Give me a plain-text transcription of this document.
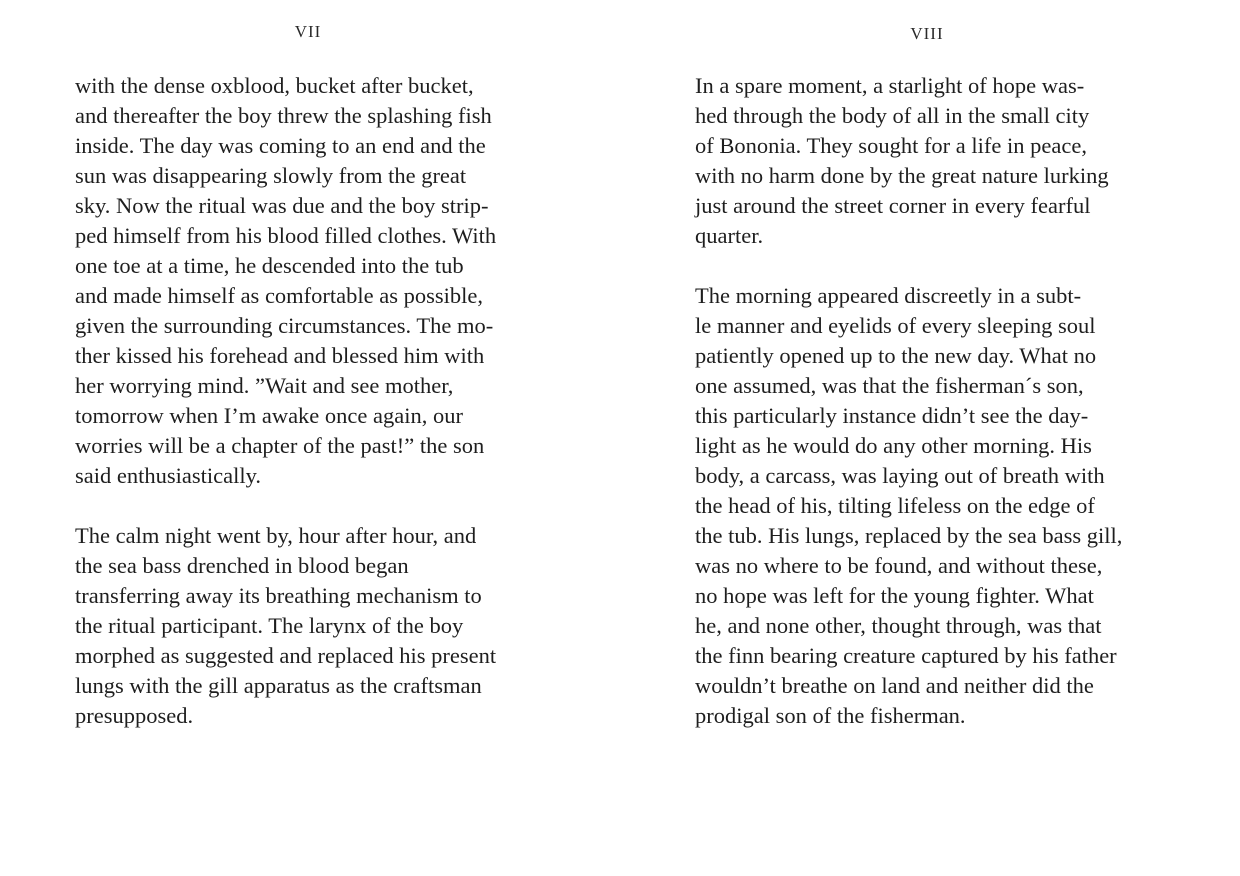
VII
with the dense oxblood, bucket after bucket,
and thereafter the boy threw the splashing fish
inside. The day was coming to an end and the
sun was disappearing slowly from the great
sky. Now the ritual was due and the boy strip-
ped himself from his blood filled clothes. With
one toe at a time, he descended into the tub
and made himself as comfortable as possible,
given the surrounding circumstances. The mo-
ther kissed his forehead and blessed him with
her worrying mind. ”Wait and see mother,
tomorrow when I’m awake once again, our
worries will be a chapter of the past!” the son
said enthusiastically.
The calm night went by, hour after hour, and
the sea bass drenched in blood began
transferring away its breathing mechanism to
the ritual participant. The larynx of the boy
morphed as suggested and replaced his present
lungs with the gill apparatus as the craftsman
presupposed.
VIII
In a spare moment, a starlight of hope was-
hed through the body of all in the small city
of Bononia. They sought for a life in peace,
with no harm done by the great nature lurking
just around the street corner in every fearful
quarter.
The morning appeared discreetly in a subt-
le manner and eyelids of every sleeping soul
patiently opened up to the new day. What no
one assumed, was that the fisherman´s son,
this particularly instance didn’t see the day-
light as he would do any other morning. His
body, a carcass, was laying out of breath with
the head of his, tilting lifeless on the edge of
the tub. His lungs, replaced by the sea bass gill,
was no where to be found, and without these,
no hope was left for the young fighter. What
he, and none other, thought through, was that
the finn bearing creature captured by his father
wouldn’t breathe on land and neither did the
prodigal son of the fisherman.
